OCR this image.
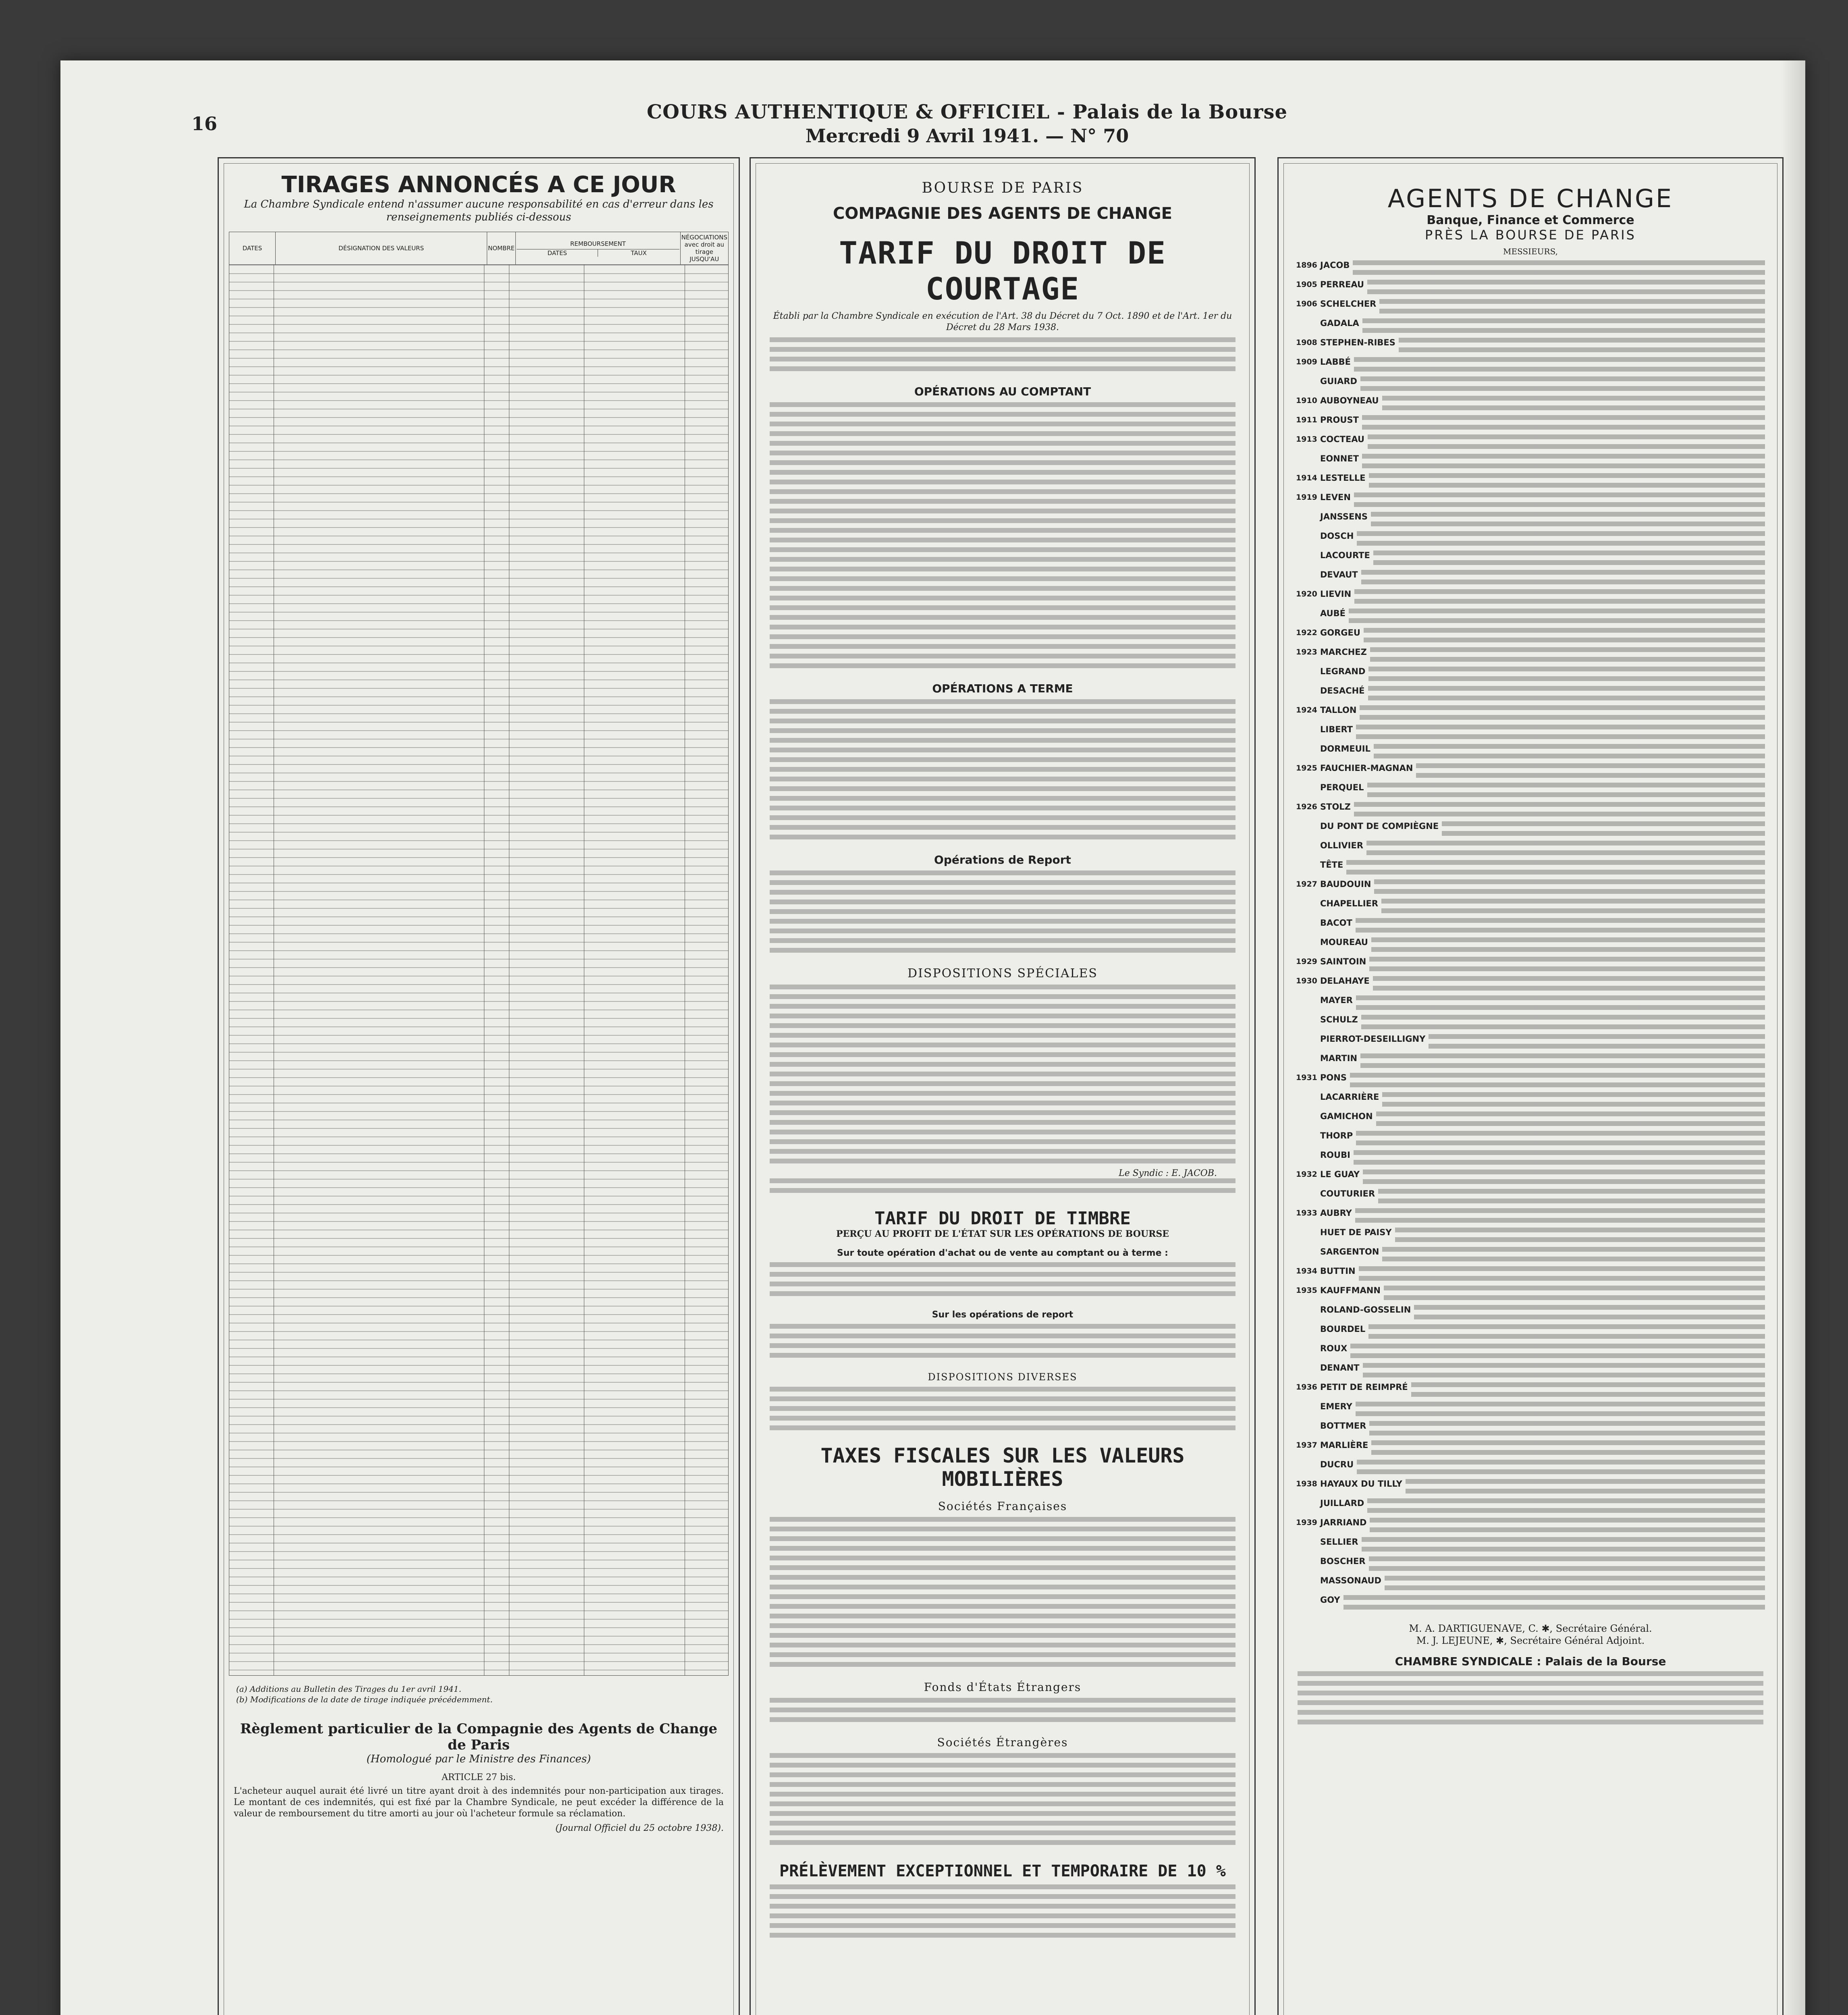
16
COURS AUTHENTIQUE & OFFICIEL - Palais de la Bourse
Mercredi 9 Avril 1941. — N° 70
TIRAGES ANNONCÉS A CE JOUR
La Chambre Syndicale entend n'assumer aucune responsabilité en cas d'erreur dans les renseignements publiés ci-dessous
DATES	DÉSIGNATION DES VALEURS	NOMBRE	
REMBOURSEMENT
DATES	TAUX
	NÉGOCIATIONS avec droit au tirage JUSQU'AU
(a) Additions au Bulletin des Tirages du 1er avril 1941.
(b) Modifications de la date de tirage indiquée précédemment.
Règlement particulier de la Compagnie des Agents de Change de Paris
(Homologué par le Ministre des Finances)
ARTICLE 27 bis.
L'acheteur auquel aurait été livré un titre ayant droit à des indemnités pour non-participation aux tirages. Le montant de ces indemnités, qui est fixé par la Chambre Syndicale, ne peut excéder la différence de la valeur de remboursement du titre amorti au jour où l'acheteur formule sa réclamation.
(Journal Officiel du 25 octobre 1938).
BOURSE DE PARIS
COMPAGNIE DES AGENTS DE CHANGE
TARIF DU DROIT DE COURTAGE
Établi par la Chambre Syndicale en exécution de l'Art. 38 du Décret du 7 Oct. 1890 et de l'Art. 1er du Décret du 28 Mars 1938.
OPÉRATIONS AU COMPTANT
OPÉRATIONS A TERME
Opérations de Report
DISPOSITIONS SPÉCIALES
Le Syndic : E. JACOB.
TARIF DU DROIT DE TIMBRE
PERÇU AU PROFIT DE L'ÉTAT SUR LES OPÉRATIONS DE BOURSE
Sur toute opération d'achat ou de vente au comptant ou à terme :
Sur les opérations de report
DISPOSITIONS DIVERSES
TAXES FISCALES SUR LES VALEURS MOBILIÈRES
Sociétés Françaises
Fonds d'États Étrangers
Sociétés Étrangères
PRÉLÈVEMENT EXCEPTIONNEL ET TEMPORAIRE DE 10 %
AGENTS DE CHANGE
Banque, Finance et Commerce
PRÈS LA BOURSE DE PARIS
MESSIEURS,
1896 JACOB
1905 PERREAU
1906 SCHELCHER
GADALA
1908 STEPHEN-RIBES
1909 LABBÉ
GUIARD
1910 AUBOYNEAU
1911 PROUST
1913 COCTEAU
EONNET
1914 LESTELLE
1919 LEVEN
JANSSENS
DOSCH
LACOURTE
DEVAUT
1920 LIEVIN
AUBÉ
1922 GORGEU
1923 MARCHEZ
LEGRAND
DESACHÉ
1924 TALLON
LIBERT
DORMEUIL
1925 FAUCHIER-MAGNAN
PERQUEL
1926 STOLZ
DU PONT DE COMPIÈGNE
OLLIVIER
TÊTE
1927 BAUDOUIN
CHAPELLIER
BACOT
MOUREAU
1929 SAINTOIN
1930 DELAHAYE
MAYER
SCHULZ
PIERROT-DESEILLIGNY
MARTIN
1931 PONS
LACARRIÈRE
GAMICHON
THORP
ROUBI
1932 LE GUAY
COUTURIER
1933 AUBRY
HUET DE PAISY
SARGENTON
1934 BUTTIN
1935 KAUFFMANN
ROLAND-GOSSELIN
BOURDEL
ROUX
DENANT
1936 PETIT DE REIMPRÉ
EMERY
BOTTMER
1937 MARLIÈRE
DUCRU
1938 HAYAUX DU TILLY
JUILLARD
1939 JARRIAND
SELLIER
BOSCHER
MASSONAUD
GOY
M. A. DARTIGUENAVE, C. ✱, Secrétaire Général.
M. J. LEJEUNE, ✱, Secrétaire Général Adjoint.
CHAMBRE SYNDICALE : Palais de la Bourse
